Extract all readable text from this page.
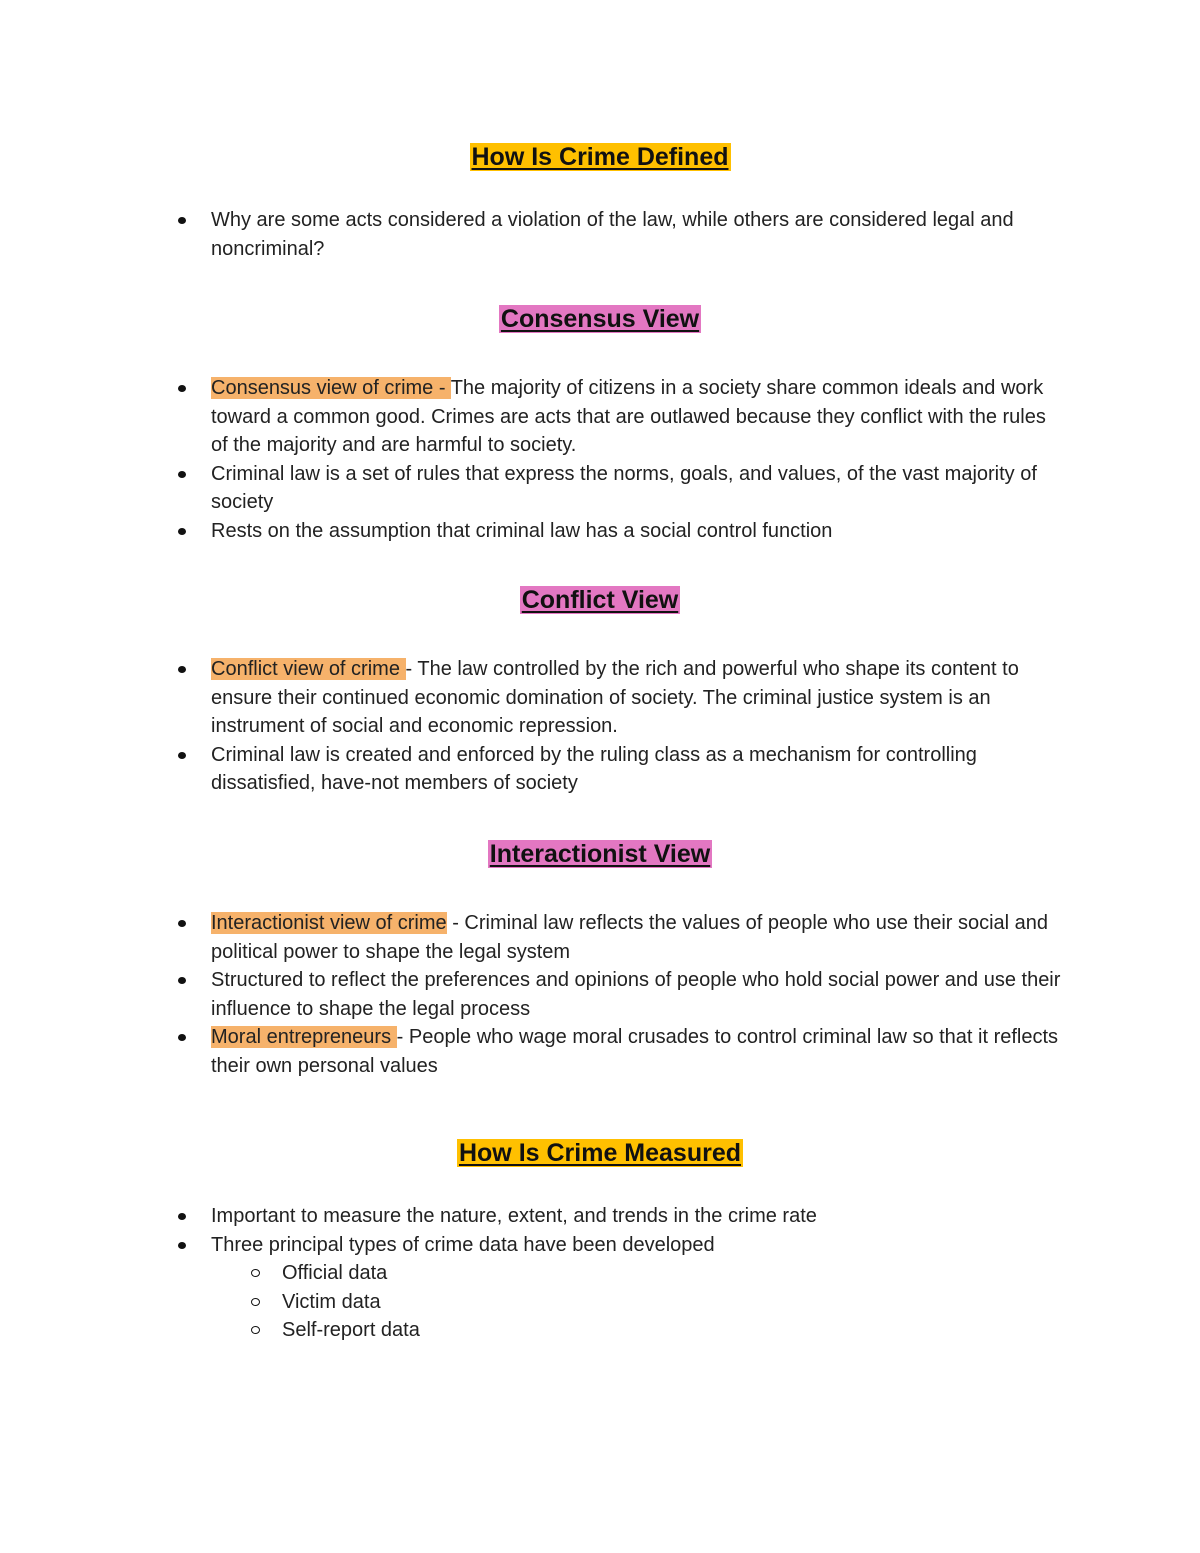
How Is Crime Defined
Why are some acts considered a violation of the law, while others are considered legal and noncriminal?
Consensus View
Consensus view of crime - The majority of citizens in a society share common ideals and work toward a common good. Crimes are acts that are outlawed because they conflict with the rules of the majority and are harmful to society.
Criminal law is a set of rules that express the norms, goals, and values, of the vast majority of society
Rests on the assumption that criminal law has a social control function
Conflict View
Conflict view of crime - The law controlled by the rich and powerful who shape its content to ensure their continued economic domination of society. The criminal justice system is an instrument of social and economic repression.
Criminal law is created and enforced by the ruling class as a mechanism for controlling dissatisfied, have-not members of society
Interactionist View
Interactionist view of crime - Criminal law reflects the values of people who use their social and political power to shape the legal system
Structured to reflect the preferences and opinions of people who hold social power and use their influence to shape the legal process
Moral entrepreneurs - People who wage moral crusades to control criminal law so that it reflects their own personal values
How Is Crime Measured
Important to measure the nature, extent, and trends in the crime rate
Three principal types of crime data have been developed
Official data
Victim data
Self-report data
